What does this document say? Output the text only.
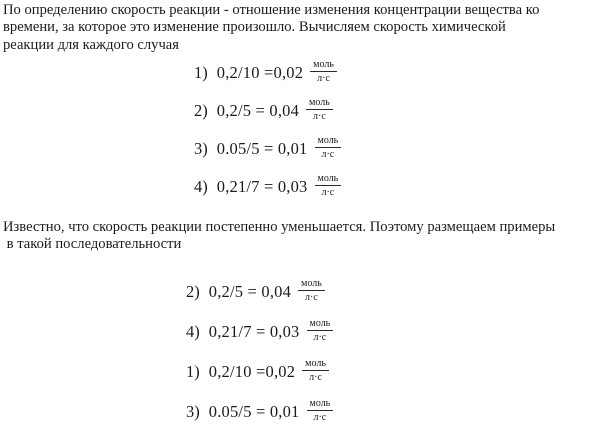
По определению скорость реакции - отношение изменения концентрации вещества ко
времени, за которое это изменение произошло. Вычисляем скорость химической
реакции для каждого случая

1) $0,2/10 =0,02 \frac{\text{моль}}{л\cdot с}$
2) $0,2/5 = 0,04 \frac{\text{моль}}{л\cdot с}$
3) $0.05/5 = 0,01 \frac{\text{моль}}{л\cdot с}$
4) $0,21/7 = 0,03 \frac{\text{моль}}{л\cdot с}$

Известно, что скорость реакции постепенно уменьшается. Поэтому размещаем примеры
в такой последовательности

2) $0,2/5 = 0,04 \frac{\text{моль}}{л\cdot с}$
4) $0,21/7 = 0,03 \frac{\text{моль}}{л\cdot с}$
1) $0,2/10 =0,02 \frac{\text{моль}}{л\cdot с}$
3) $0.05/5 = 0,01 \frac{\text{моль}}{л\cdot с}$
